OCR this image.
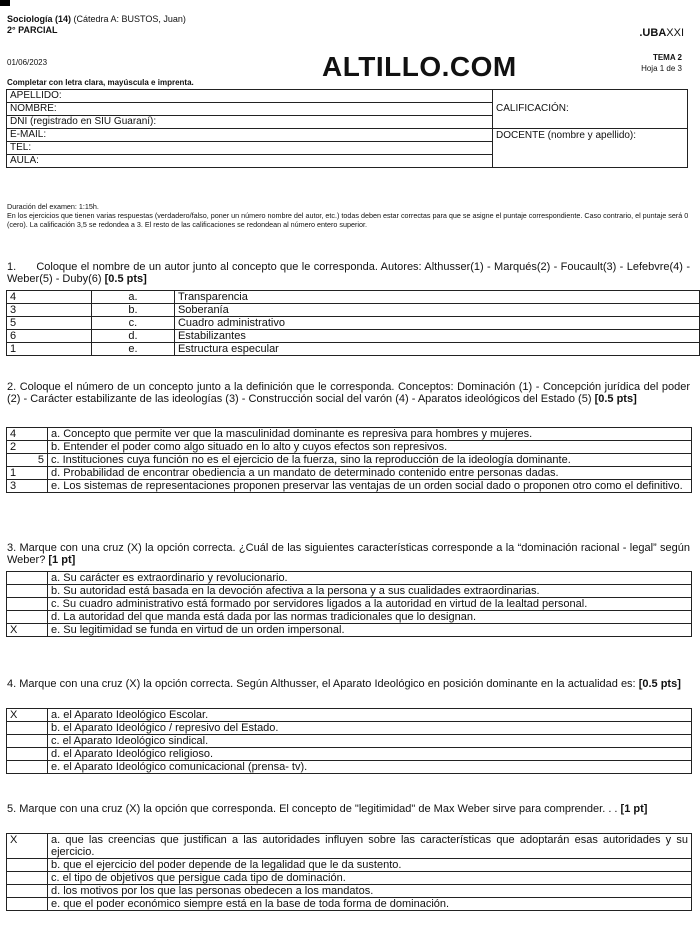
Sociología (14) (Cátedra A: BUSTOS, Juan)
2° PARCIAL
01/06/2023
Completar con letra clara, mayúscula e imprenta.
ALTILLO.COM
.UBAXXI
TEMA 2
Hoja 1 de 3
APELLIDO:	CALIFICACIÓN:
NOMBRE:	
DNI (registrado en SIU Guaraní):	
E-MAIL:	DOCENTE (nombre y apellido):
TEL:	
AULA:	
Duración del examen: 1:15h.
En los ejercicios que tienen varias respuestas (verdadero/falso, poner un número nombre del autor, etc.) todas deben estar correctas para que se asigne el puntaje correspondiente. Caso contrario, el puntaje será 0 (cero). La calificación 3,5 se redondea a 3. El resto de las calificaciones se redondean al número entero superior.
1.      Coloque el nombre de un autor junto al concepto que le corresponda. Autores: Althusser(1) - Marqués(2) - Foucault(3) - Lefebvre(4) - Weber(5) - Duby(6) [0.5 pts]
4	a.	Transparencia
3	b.	Soberanía
5	c.	Cuadro administrativo
6	d.	Estabilizantes
1	e.	Estructura especular
2. Coloque el número de un concepto junto a la definición que le corresponda. Conceptos: Dominación (1) - Concepción jurídica del poder (2) - Carácter estabilizante de las ideologías (3) - Construcción social del varón (4) - Aparatos ideológicos del Estado (5) [0.5 pts]
4	a. Concepto que permite ver que la masculinidad dominante es represiva para hombres y mujeres.
2	b. Entender el poder como algo situado en lo alto y cuyos efectos son represivos.
5	c. Instituciones cuya función no es el ejercicio de la fuerza, sino la reproducción de la ideología dominante.
1	d. Probabilidad de encontrar obediencia a un mandato de determinado contenido entre personas dadas.
3	e. Los sistemas de representaciones proponen preservar las ventajas de un orden social dado o proponen otro como el definitivo.
3. Marque con una cruz (X) la opción correcta. ¿Cuál de las siguientes características corresponde a la “dominación racional - legal” según Weber? [1 pt]
	a. Su carácter es extraordinario y revolucionario.
	b. Su autoridad está basada en la devoción afectiva a la persona y a sus cualidades extraordinarias.
	c. Su cuadro administrativo está formado por servidores ligados a la autoridad en virtud de la lealtad personal.
	d. La autoridad del que manda está dada por las normas tradicionales que lo designan.
X	e. Su legitimidad se funda en virtud de un orden impersonal.
4. Marque con una cruz (X) la opción correcta. Según Althusser, el Aparato Ideológico en posición dominante en la actualidad es: [0.5 pts]
X	a. el Aparato Ideológico Escolar.
	b. el Aparato Ideológico / represivo del Estado.
	c. el Aparato Ideológico sindical.
	d. el Aparato Ideológico religioso.
	e. el Aparato Ideológico comunicacional (prensa- tv).
5. Marque con una cruz (X) la opción que corresponda. El concepto de "legitimidad" de Max Weber sirve para comprender. . . [1 pt]
X	a. que las creencias que justifican a las autoridades influyen sobre las características que adoptarán esas autoridades y su ejercicio.
	b. que el ejercicio del poder depende de la legalidad que le da sustento.
	c. el tipo de objetivos que persigue cada tipo de dominación.
	d. los motivos por los que las personas obedecen a los mandatos.
	e. que el poder económico siempre está en la base de toda forma de dominación.
